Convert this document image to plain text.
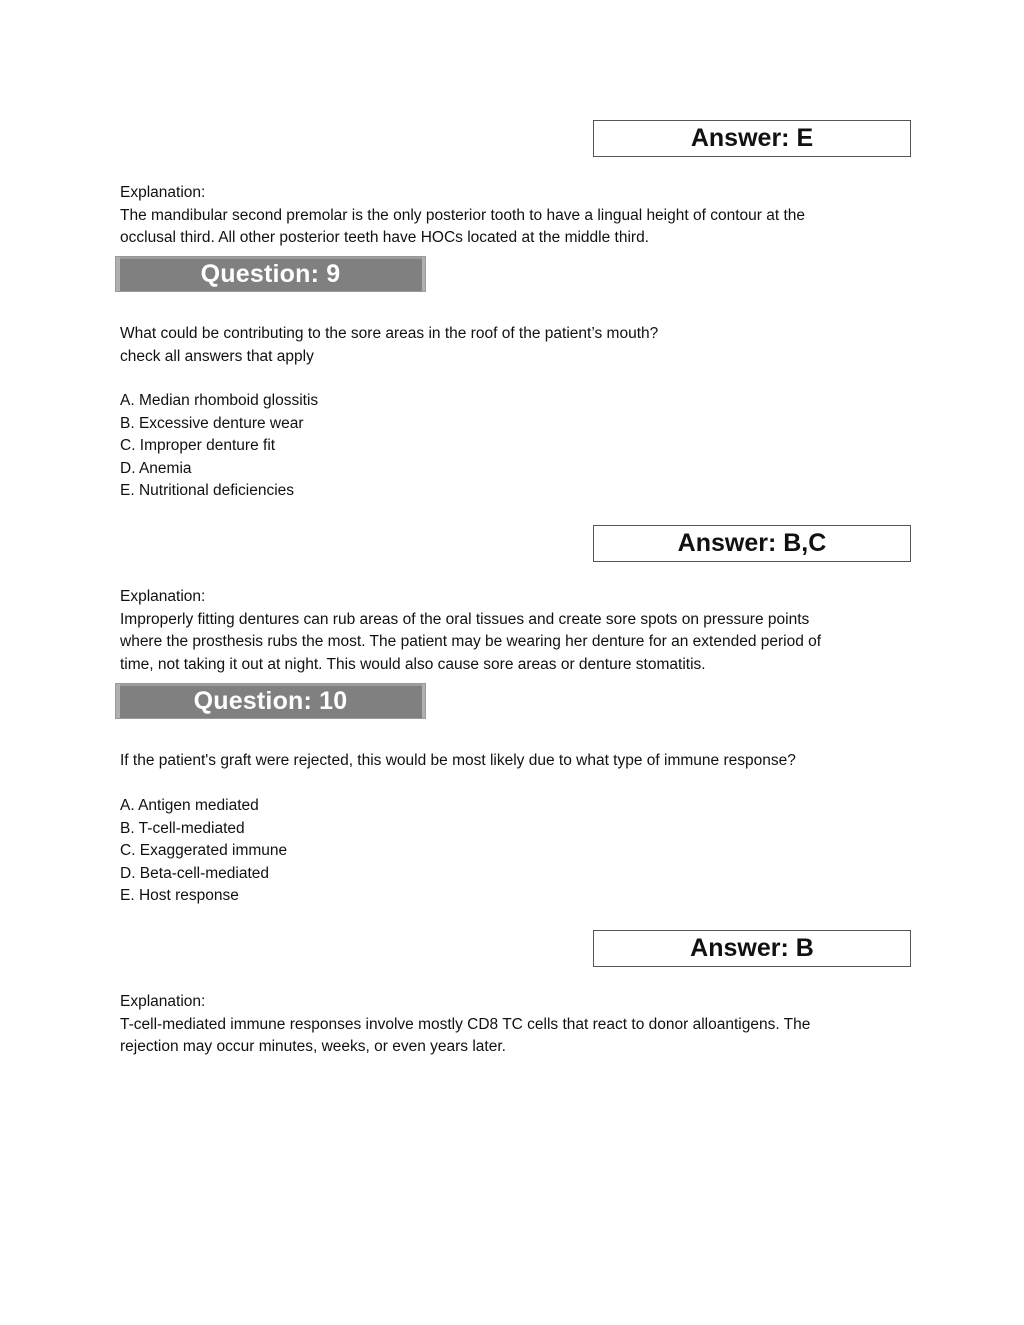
Answer: E
Explanation:
The mandibular second premolar is the only posterior tooth to have a lingual height of contour at the
occlusal third. All other posterior teeth have HOCs located at the middle third.
Question: 9
What could be contributing to the sore areas in the roof of the patient’s mouth?
check all answers that apply
A. Median rhomboid glossitis
B. Excessive denture wear
C. Improper denture fit
D. Anemia
E. Nutritional deficiencies
Answer: B,C
Explanation:
Improperly fitting dentures can rub areas of the oral tissues and create sore spots on pressure points
where the prosthesis rubs the most. The patient may be wearing her denture for an extended period of
time, not taking it out at night. This would also cause sore areas or denture stomatitis.
Question: 10
If the patient's graft were rejected, this would be most likely due to what type of immune response?
A. Antigen mediated
B. T-cell-mediated
C. Exaggerated immune
D. Beta-cell-mediated
E. Host response
Answer: B
Explanation:
T-cell-mediated immune responses involve mostly CD8 TC cells that react to donor alloantigens. The
rejection may occur minutes, weeks, or even years later.
